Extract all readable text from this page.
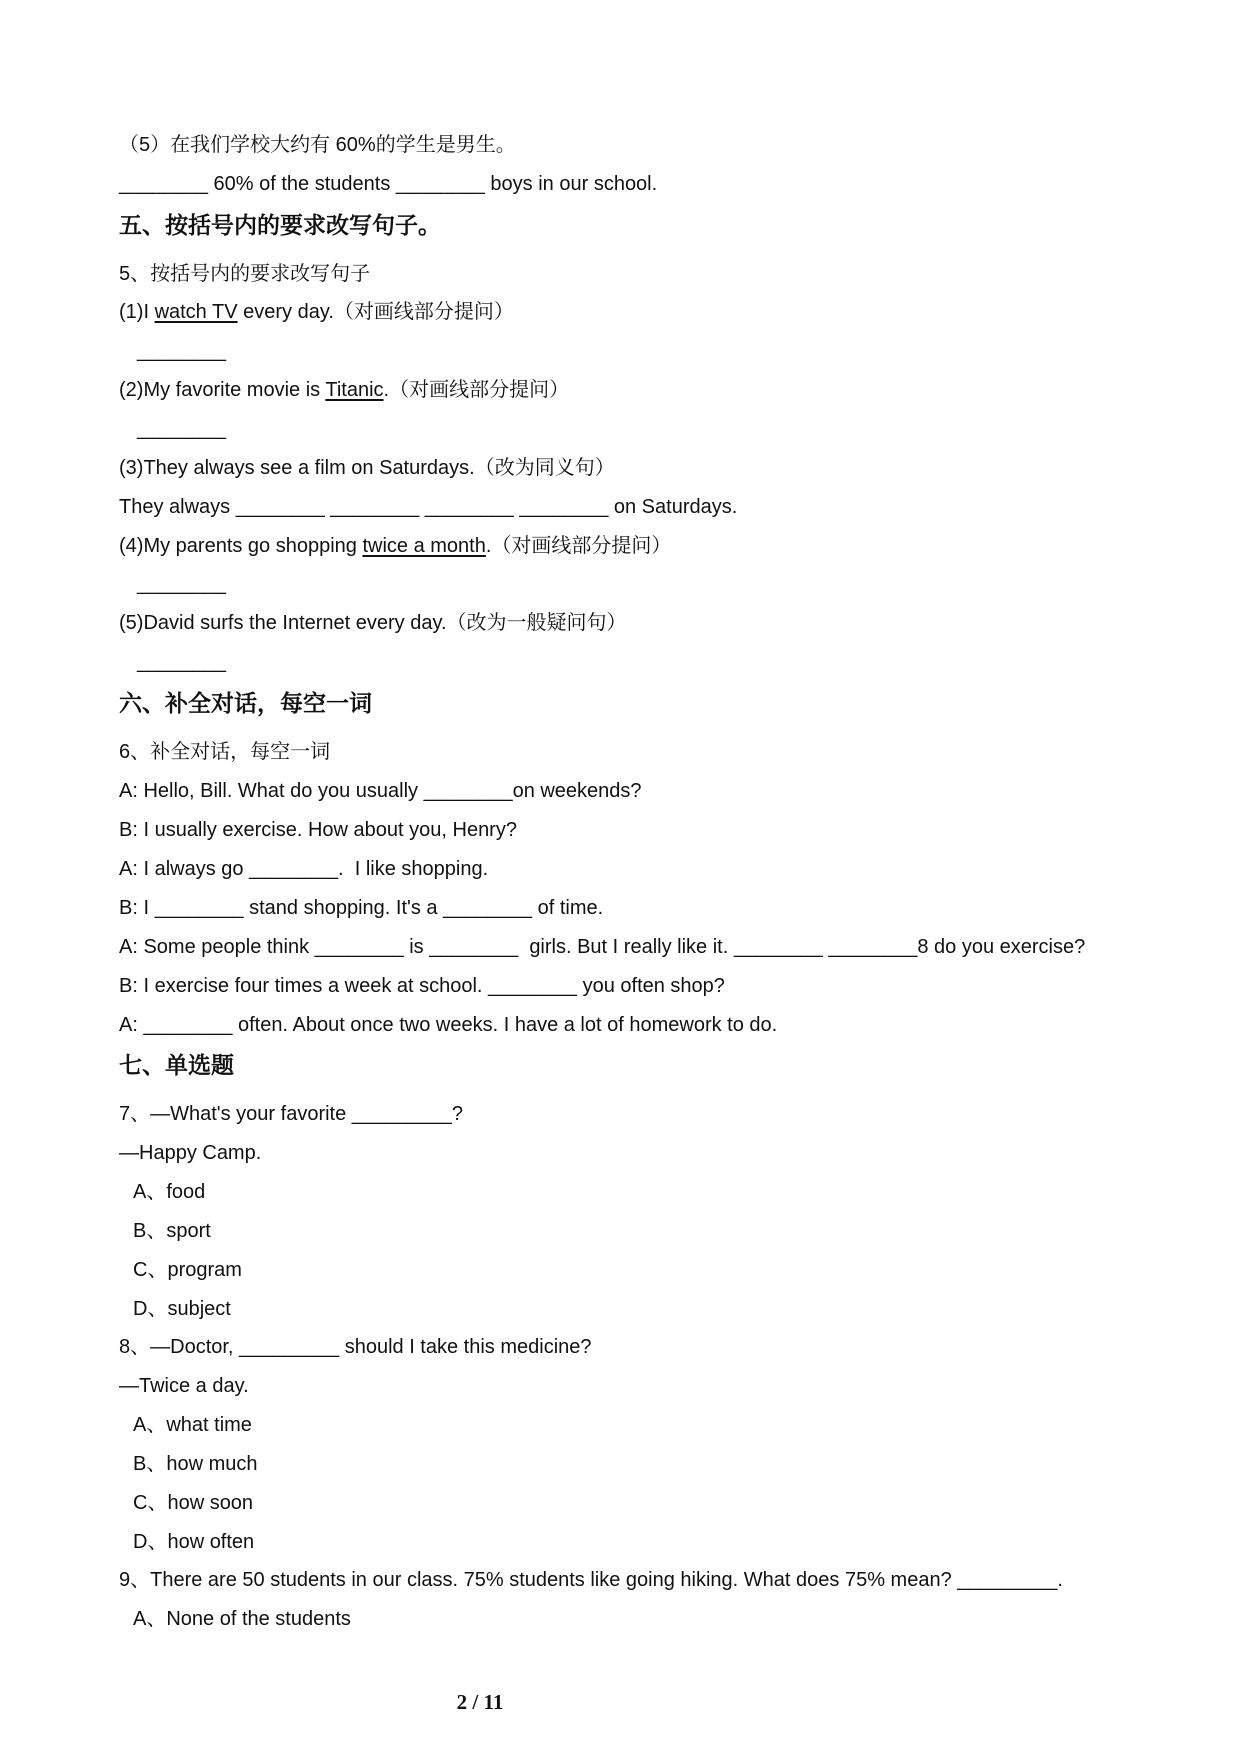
（5）在我们学校大约有 60%的学生是男生。
________ 60% of the students ________ boys in our school.
五、按括号内的要求改写句子。
5、按括号内的要求改写句子
(1)I watch TV every day.（对画线部分提问）
________
(2)My favorite movie is Titanic.（对画线部分提问）
________
(3)They always see a film on Saturdays.（改为同义句）
They always ________ ________ ________ ________ on Saturdays.
(4)My parents go shopping twice a month.（对画线部分提问）
________
(5)David surfs the Internet every day.（改为一般疑问句）
________
六、补全对话，每空一词
6、补全对话，每空一词
A: Hello, Bill. What do you usually ________on weekends?
B: I usually exercise. How about you, Henry?
A: I always go ________.  I like shopping.
B: I ________ stand shopping. It's a ________ of time.
A: Some people think ________ is ________  girls. But I really like it. ________ ________8 do you exercise?
B: I exercise four times a week at school. ________ you often shop?
A: ________ often. About once two weeks. I have a lot of homework to do.
七、单选题
7、—What's your favorite _________?
—Happy Camp.
A、food
B、sport
C、program
D、subject
8、—Doctor, _________ should I take this medicine?
—Twice a day.
A、what time
B、how much
C、how soon
D、how often
9、There are 50 students in our class. 75% students like going hiking. What does 75% mean? _________.
A、None of the students
2 / 11
